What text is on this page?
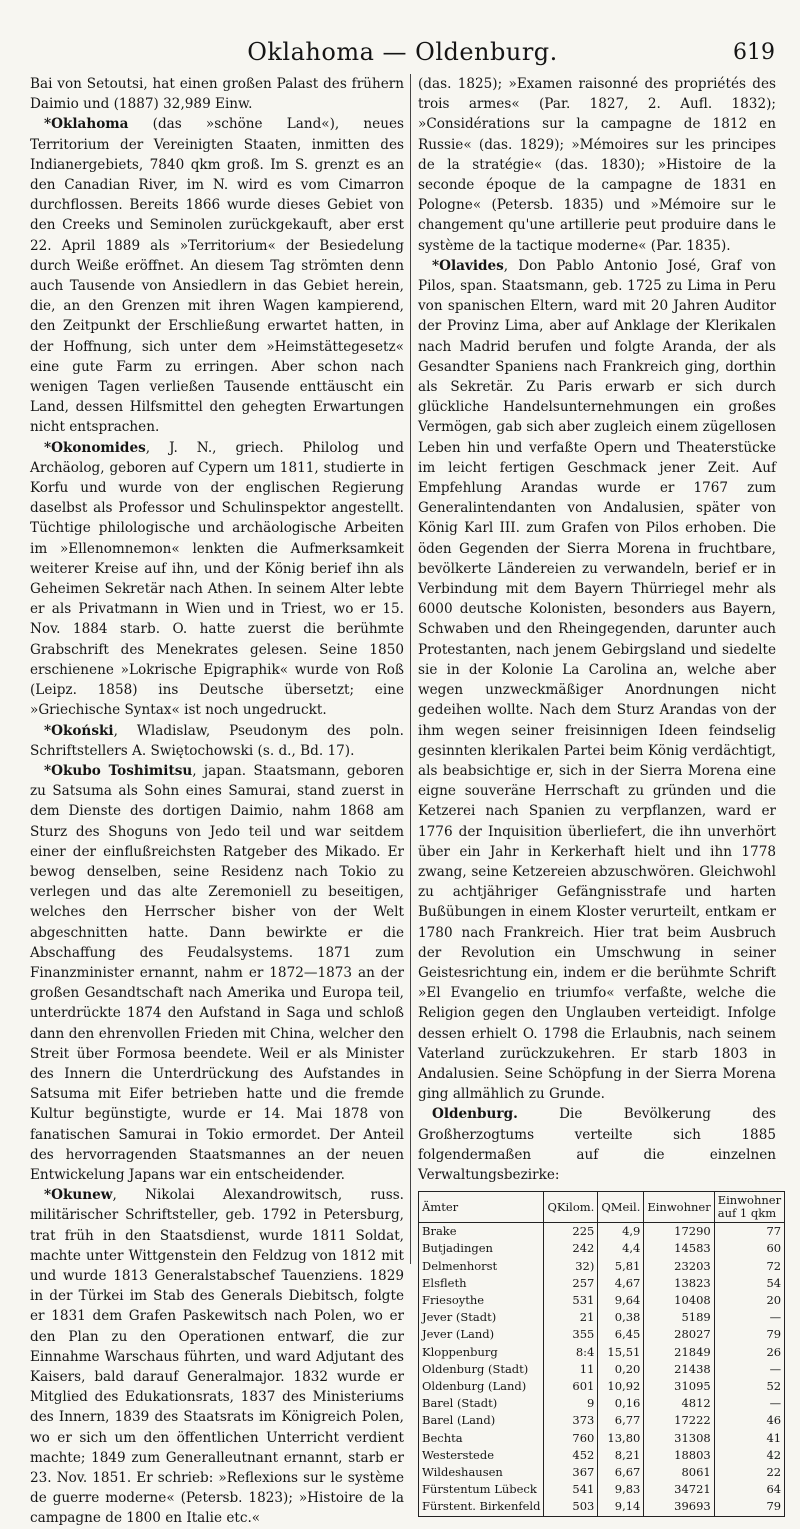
Oklahoma — Oldenburg.	619

Bai von Setoutsi, hat einen großen Palast des frühern Daimio und (1887) 32,989 Einw.

*Oklahoma (das »schöne Land«), neues Territorium der Vereinigten Staaten, inmitten des Indianergebiets, 7840 qkm groß. Im S. grenzt es an den Canadian River, im N. wird es vom Cimarron durchflossen. Bereits 1866 wurde dieses Gebiet von den Creeks und Seminolen zurückgekauft, aber erst 22. April 1889 als »Territorium« der Besiedelung durch Weiße eröffnet. An diesem Tag strömten denn auch Tausende von Ansiedlern in das Gebiet herein, die, an den Grenzen mit ihren Wagen kampierend, den Zeitpunkt der Erschließung erwartet hatten, in der Hoffnung, sich unter dem »Heimstättegesetz« eine gute Farm zu erringen. Aber schon nach wenigen Tagen verließen Tausende enttäuscht ein Land, dessen Hilfsmittel den gehegten Erwartungen nicht entsprachen.

*Okonomides, J. N., griech. Philolog und Archäolog, geboren auf Cypern um 1811, studierte in Korfu und wurde von der englischen Regierung daselbst als Professor und Schulinspektor angestellt. Tüchtige philologische und archäologische Arbeiten im »Ellenomnemon« lenkten die Aufmerksamkeit weiterer Kreise auf ihn, und der König berief ihn als Geheimen Sekretär nach Athen. In seinem Alter lebte er als Privatmann in Wien und in Triest, wo er 15. Nov. 1884 starb. O. hatte zuerst die berühmte Grabschrift des Menekrates gelesen. Seine 1850 erschienene »Lokrische Epigraphik« wurde von Roß (Leipz. 1858) ins Deutsche übersetzt; eine »Griechische Syntax« ist noch ungedruckt.

*Okoński, Wladislaw, Pseudonym des poln. Schriftstellers A. Swiętochowski (s. d., Bd. 17).

*Okubo Toshimitsu, japan. Staatsmann, geboren zu Satsuma als Sohn eines Samurai, stand zuerst in dem Dienste des dortigen Daimio, nahm 1868 am Sturz des Shoguns von Jedo teil und war seitdem einer der einflußreichsten Ratgeber des Mikado. Er bewog denselben, seine Residenz nach Tokio zu verlegen und das alte Zeremoniell zu beseitigen, welches den Herrscher bisher von der Welt abgeschnitten hatte. Dann bewirkte er die Abschaffung des Feudalsystems. 1871 zum Finanzminister ernannt, nahm er 1872—1873 an der großen Gesandtschaft nach Amerika und Europa teil, unterdrückte 1874 den Aufstand in Saga und schloß dann den ehrenvollen Frieden mit China, welcher den Streit über Formosa beendete. Weil er als Minister des Innern die Unterdrückung des Aufstandes in Satsuma mit Eifer betrieben hatte und die fremde Kultur begünstigte, wurde er 14. Mai 1878 von fanatischen Samurai in Tokio ermordet. Der Anteil des hervorragenden Staatsmannes an der neuen Entwickelung Japans war ein entscheidender.

*Okunew, Nikolai Alexandrowitsch, russ. militärischer Schriftsteller, geb. 1792 in Petersburg, trat früh in den Staatsdienst, wurde 1811 Soldat, machte unter Wittgenstein den Feldzug von 1812 mit und wurde 1813 Generalstabschef Tauenziens. 1829 in der Türkei im Stab des Generals Diebitsch, folgte er 1831 dem Grafen Paskewitsch nach Polen, wo er den Plan zu den Operationen entwarf, die zur Einnahme Warschaus führten, und ward Adjutant des Kaisers, bald darauf Generalmajor. 1832 wurde er Mitglied des Edukationsrats, 1837 des Ministeriums des Innern, 1839 des Staatsrats im Königreich Polen, wo er sich um den öffentlichen Unterricht verdient machte; 1849 zum Generalleutnant ernannt, starb er 23. Nov. 1851. Er schrieb: »Reflexions sur le système de guerre moderne« (Petersb. 1823); »Histoire de la campagne de 1800 en Italie etc.«

(das. 1825); »Examen raisonné des propriétés des trois armes« (Par. 1827, 2. Aufl. 1832); »Considérations sur la campagne de 1812 en Russie« (das. 1829); »Mémoires sur les principes de la stratégie« (das. 1830); »Histoire de la seconde époque de la campagne de 1831 en Pologne« (Petersb. 1835) und »Mémoire sur le changement qu'une artillerie peut produire dans le système de la tactique moderne« (Par. 1835).

*Olavides, Don Pablo Antonio José, Graf von Pilos, span. Staatsmann, geb. 1725 zu Lima in Peru von spanischen Eltern, ward mit 20 Jahren Auditor der Provinz Lima, aber auf Anklage der Klerikalen nach Madrid berufen und folgte Aranda, der als Gesandter Spaniens nach Frankreich ging, dorthin als Sekretär. Zu Paris erwarb er sich durch glückliche Handelsunternehmungen ein großes Vermögen, gab sich aber zugleich einem zügellosen Leben hin und verfaßte Opern und Theaterstücke im leicht fertigen Geschmack jener Zeit. Auf Empfehlung Arandas wurde er 1767 zum Generalintendanten von Andalusien, später von König Karl III. zum Grafen von Pilos erhoben. Die öden Gegenden der Sierra Morena in fruchtbare, bevölkerte Ländereien zu verwandeln, berief er in Verbindung mit dem Bayern Thürriegel mehr als 6000 deutsche Kolonisten, besonders aus Bayern, Schwaben und den Rheingegenden, darunter auch Protestanten, nach jenem Gebirgsland und siedelte sie in der Kolonie La Carolina an, welche aber wegen unzweckmäßiger Anordnungen nicht gedeihen wollte. Nach dem Sturz Arandas von der ihm wegen seiner freisinnigen Ideen feindselig gesinnten klerikalen Partei beim König verdächtigt, als beabsichtige er, sich in der Sierra Morena eine eigne souveräne Herrschaft zu gründen und die Ketzerei nach Spanien zu verpflanzen, ward er 1776 der Inquisition überliefert, die ihn unverhört über ein Jahr in Kerkerhaft hielt und ihn 1778 zwang, seine Ketzereien abzuschwören. Gleichwohl zu achtjähriger Gefängnisstrafe und harten Bußübungen in einem Kloster verurteilt, entkam er 1780 nach Frankreich. Hier trat beim Ausbruch der Revolution ein Umschwung in seiner Geistesrichtung ein, indem er die berühmte Schrift »El Evangelio en triumfo« verfaßte, welche die Religion gegen den Unglauben verteidigt. Infolge dessen erhielt O. 1798 die Erlaubnis, nach seinem Vaterland zurückzukehren. Er starb 1803 in Andalusien. Seine Schöpfung in der Sierra Morena ging allmählich zu Grunde.

Oldenburg. Die Bevölkerung des Großherzogtums verteilte sich 1885 folgendermaßen auf die einzelnen Verwaltungsbezirke:

Ämter	QKilom.	QMeil.	Einwohner	Einwohner auf 1 qkm
Brake	225	4,9	17290	77
Butjadingen	242	4,4	14583	60
Delmenhorst	32)	5,81	23203	72
Elsfleth	257	4,67	13823	54
Friesoythe	531	9,64	10408	20
Jever (Stadt)	21	0,38	5189	—
Jever (Land)	355	6,45	28027	79
Kloppenburg	8:4	15,51	21849	26
Oldenburg (Stadt)	11	0,20	21438	—
Oldenburg (Land)	601	10,92	31095	52
Barel (Stadt)	9	0,16	4812	—
Barel (Land)	373	6,77	17222	46
Bechta	760	13,80	31308	41
Westerstede	452	8,21	18803	42
Wildeshausen	367	6,67	8061	22
Fürstentum Lübeck	541	9,83	34721	64
Fürstent. Birkenfeld	503	9,14	39693	79
